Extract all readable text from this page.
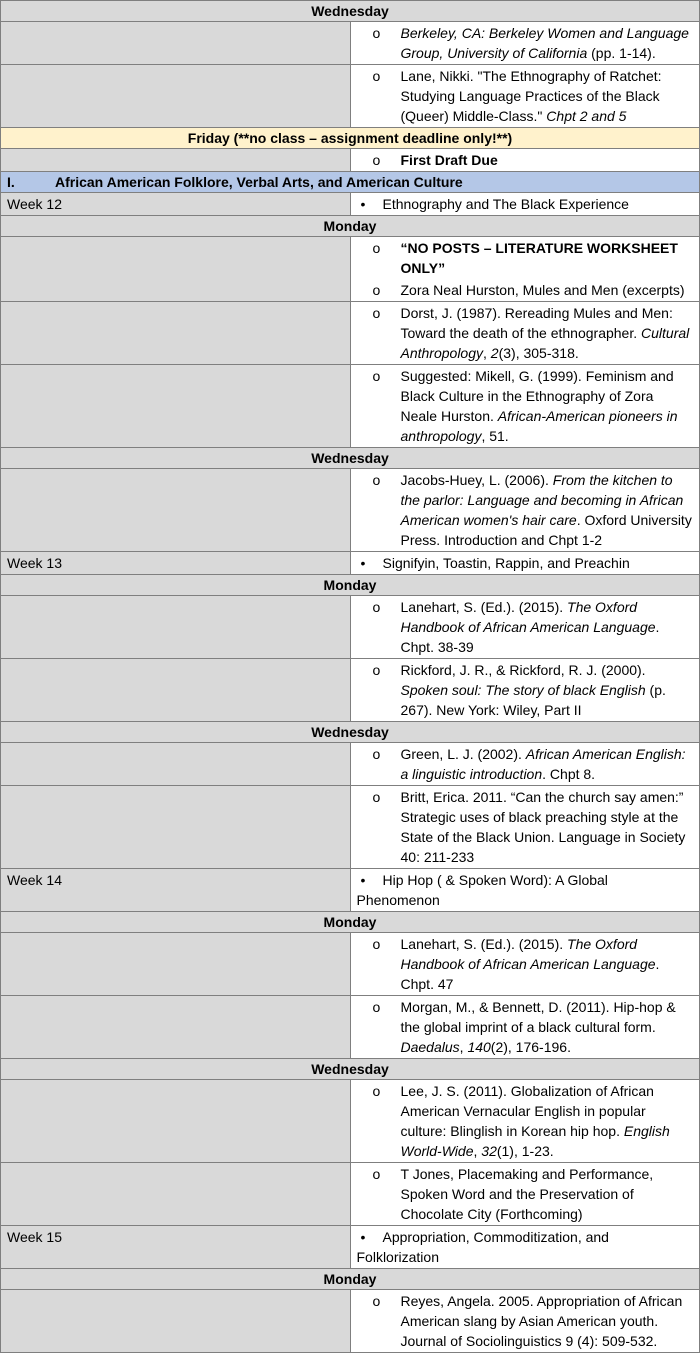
Wednesday	

	o Berkeley, CA: Berkeley Women and Language Group, University of California (pp. 1-14).

	o Lane, Nikki. "The Ethnography of Ratchet: Studying Language Practices of the Black (Queer) Middle-Class." Chpt 2 and 5

Friday (**no class – assignment deadline only!**)	

	o First Draft Due

I. African American Folklore, Verbal Arts, and American Culture	
Week 12	• Ethnography and The Black Experience
Monday	

	o “NO POSTS – LITERATURE WORKSHEET ONLY”

	o Zora Neal Hurston, Mules and Men (excerpts)

	o Dorst, J. (1987). Rereading Mules and Men: Toward the death of the ethnographer. Cultural Anthropology, 2(3), 305-318.

	o Suggested: Mikell, G. (1999). Feminism and Black Culture in the Ethnography of Zora Neale Hurston. African-American pioneers in anthropology, 51.

Wednesday	

	o Jacobs-Huey, L. (2006). From the kitchen to the parlor: Language and becoming in African American women's hair care. Oxford University Press. Introduction and Chpt 1-2

Week 13	• Signifyin, Toastin, Rappin, and Preachin
Monday	

	o Lanehart, S. (Ed.). (2015). The Oxford Handbook of African American Language. Chpt. 38-39

	o Rickford, J. R., & Rickford, R. J. (2000). Spoken soul: The story of black English (p. 267). New York: Wiley, Part II

Wednesday	

	o Green, L. J. (2002). African American English: a linguistic introduction. Chpt 8.

	o Britt, Erica. 2011. “Can the church say amen:” Strategic uses of black preaching style at the State of the Black Union. Language in Society 40: 211-233

Week 14	• Hip Hop ( & Spoken Word): A Global Phenomenon
Monday	

	o Lanehart, S. (Ed.). (2015). The Oxford Handbook of African American Language. Chpt. 47

	o Morgan, M., & Bennett, D. (2011). Hip-hop & the global imprint of a black cultural form. Daedalus, 140(2), 176-196.

Wednesday	

	o Lee, J. S. (2011). Globalization of African American Vernacular English in popular culture: Blinglish in Korean hip hop. English World-Wide, 32(1), 1-23.

	o T Jones, Placemaking and Performance, Spoken Word and the Preservation of Chocolate City (Forthcoming)

Week 15	• Appropriation, Commoditization, and Folklorization
Monday	

	o Reyes, Angela. 2005. Appropriation of African American slang by Asian American youth. Journal of Sociolinguistics 9 (4): 509-532.
